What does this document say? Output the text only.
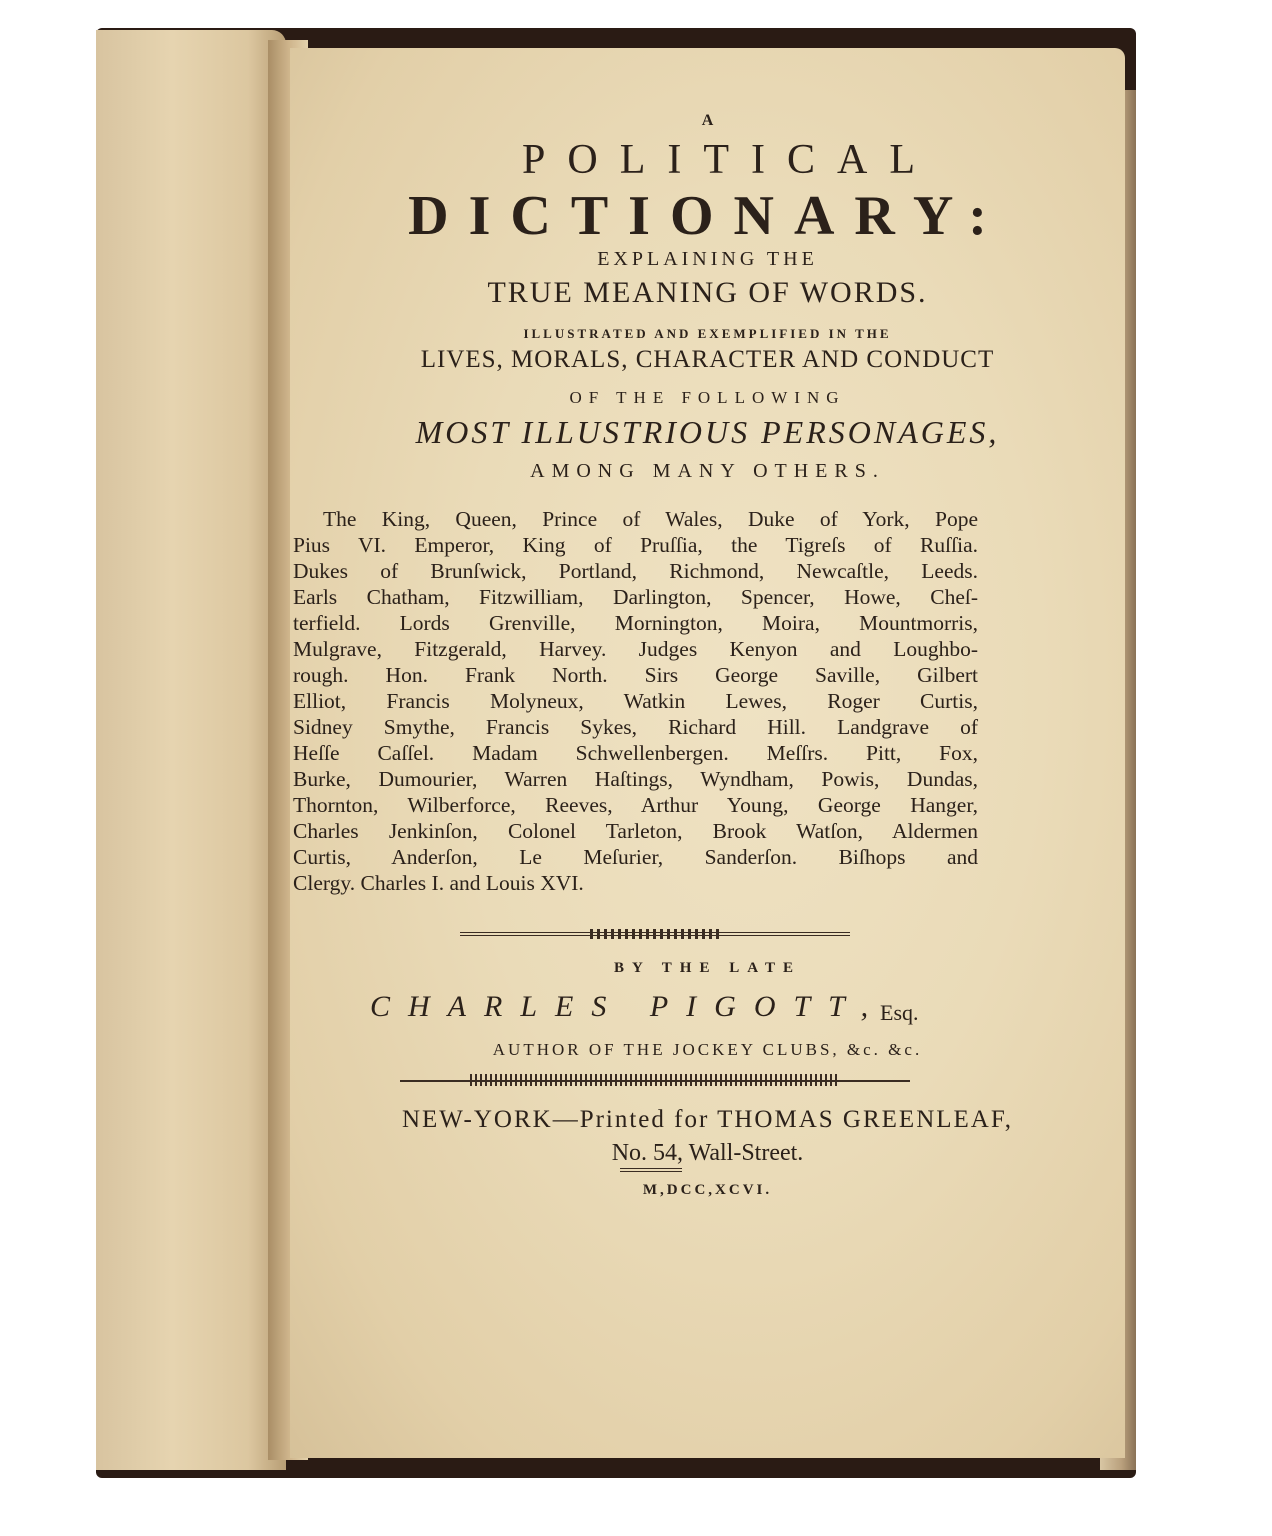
A
POLITICAL
DICTIONARY:
EXPLAINING THE
TRUE MEANING OF WORDS.
ILLUSTRATED AND EXEMPLIFIED IN THE
LIVES, MORALS, CHARACTER AND CONDUCT
OF THE FOLLOWING
MOST ILLUSTRIOUS PERSONAGES,
AMONG MANY OTHERS.
The King, Queen, Prince of Wales, Duke of York, Pope
Pius VI. Emperor, King of Pruſſia, the Tigreſs of Ruſſia.
Dukes of Brunſwick, Portland, Richmond, Newcaſtle, Leeds.
Earls Chatham, Fitzwilliam, Darlington, Spencer, Howe, Cheſ-
terfield. Lords Grenville, Mornington, Moira, Mountmorris,
Mulgrave, Fitzgerald, Harvey. Judges Kenyon and Loughbo-
rough. Hon. Frank North. Sirs George Saville, Gilbert
Elliot, Francis Molyneux, Watkin Lewes, Roger Curtis,
Sidney Smythe, Francis Sykes, Richard Hill. Landgrave of
Heſſe Caſſel. Madam Schwellenbergen. Meſſrs. Pitt, Fox,
Burke, Dumourier, Warren Haſtings, Wyndham, Powis, Dundas,
Thornton, Wilberforce, Reeves, Arthur Young, George Hanger,
Charles Jenkinſon, Colonel Tarleton, Brook Watſon, Aldermen
Curtis, Anderſon, Le Meſurier, Sanderſon. Biſhops and
Clergy. Charles I. and Louis XVI.
BY THE LATE
CHARLES PIGOTT,
Esq.
AUTHOR OF THE JOCKEY CLUBS, &c. &c.
NEW-YORK—Printed for THOMAS GREENLEAF,
No. 54, Wall-Street.
M,DCC,XCVI.
